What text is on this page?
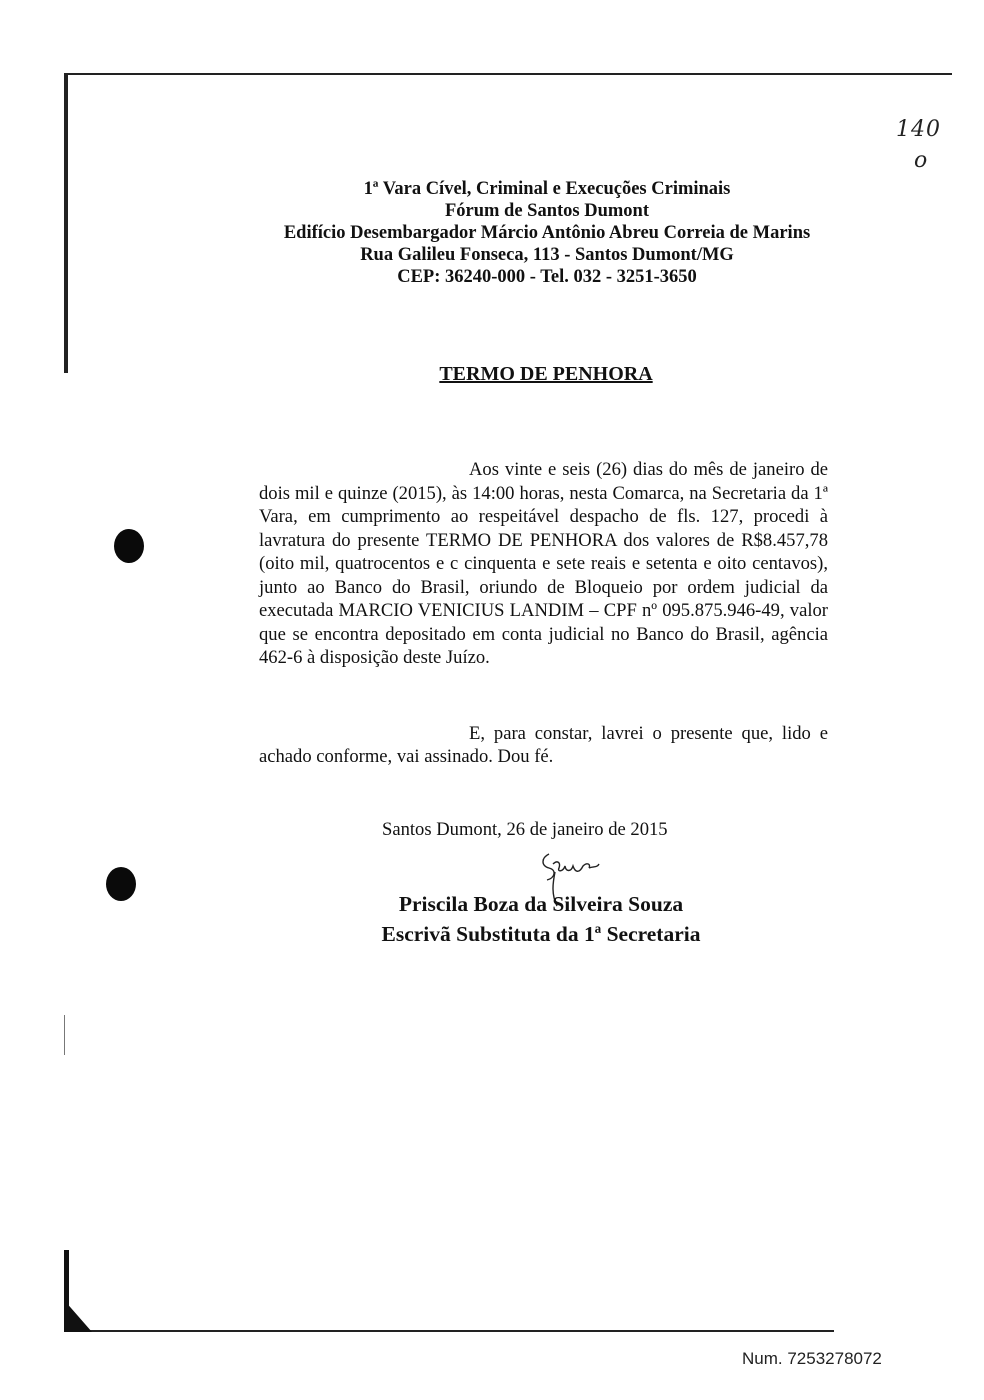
140
ο
1ª Vara Cível, Criminal e Execuções Criminais
Fórum de Santos Dumont
Edifício Desembargador Márcio Antônio Abreu Correia de Marins
Rua Galileu Fonseca, 113 - Santos Dumont/MG
CEP: 36240-000 - Tel. 032 - 3251-3650
TERMO DE PENHORA

Aos vinte e seis (26) dias do mês de janeiro de dois mil e quinze (2015), às 14:00 horas, nesta Comarca, na Secretaria da 1ª Vara, em cumprimento ao respeitável despacho de fls. 127, procedi à lavratura do presente TERMO DE PENHORA dos valores de R$8.457,78 (oito mil, quatrocentos e c cinquenta e sete reais e setenta e oito centavos), junto ao Banco do Brasil, oriundo de Bloqueio por ordem judicial da executada MARCIO VENICIUS LANDIM – CPF nº 095.875.946-49, valor que se encontra depositado em conta judicial no Banco do Brasil, agência 462-6 à disposição deste Juízo.

E, para constar, lavrei o presente que, lido e achado conforme, vai assinado. Dou fé.

Santos Dumont, 26 de janeiro de 2015
Priscila Boza da Silveira Souza
Escrivã Substituta da 1ª Secretaria
Num. 7253278072
